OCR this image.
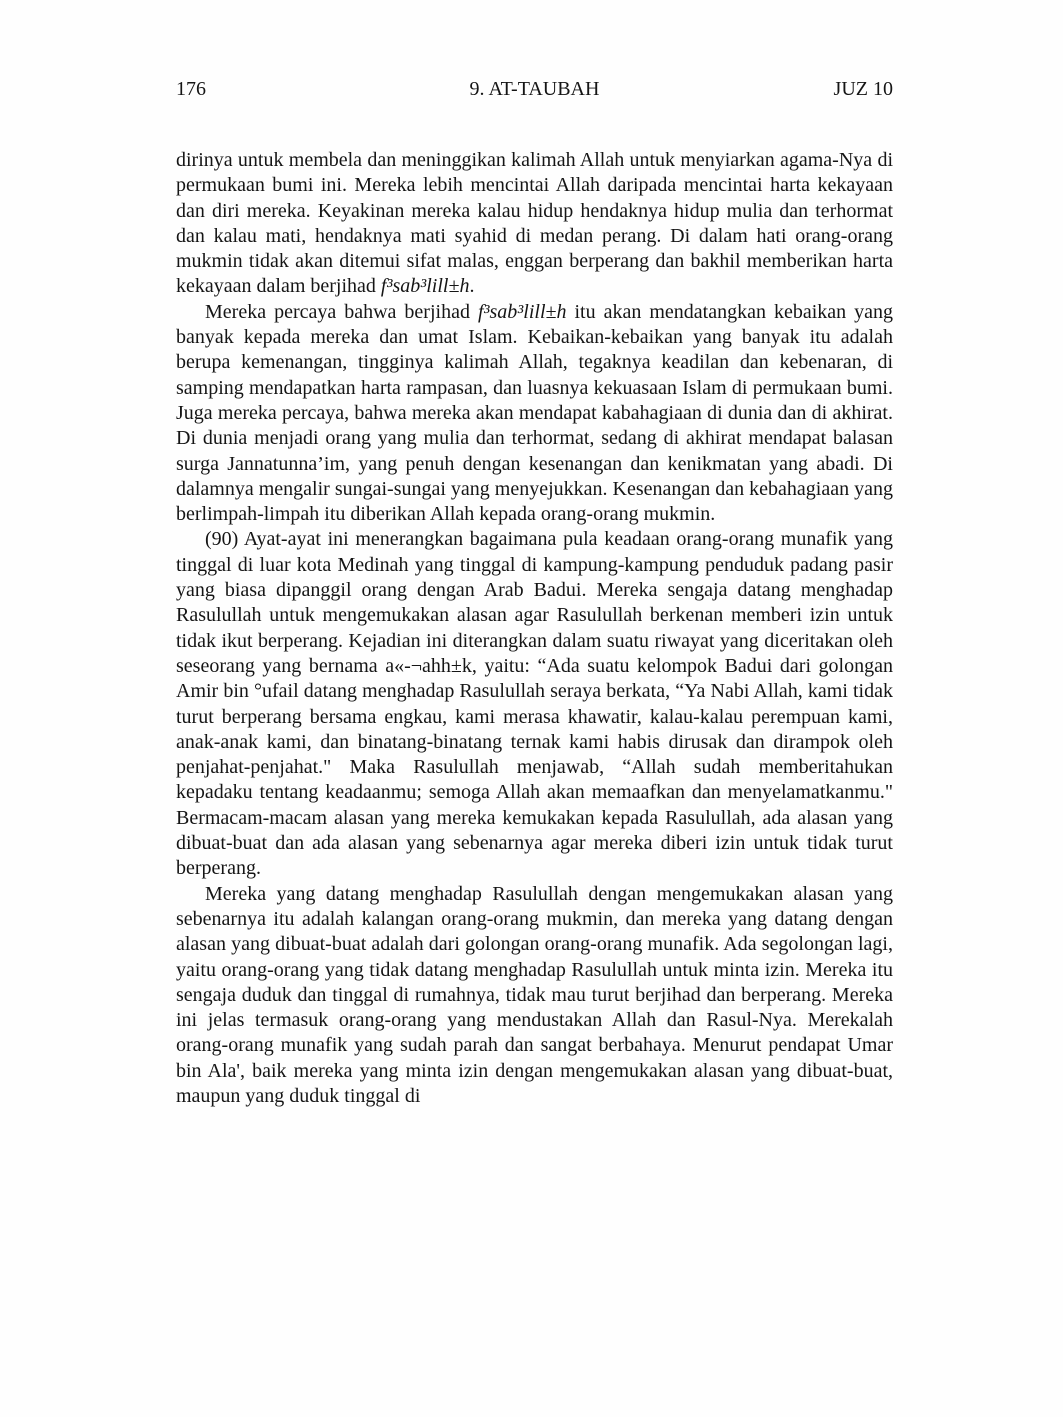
176	9. AT-TAUBAH	JUZ 10

dirinya untuk membela dan meninggikan kalimah Allah untuk menyiarkan agama-Nya di permukaan bumi ini. Mereka lebih mencintai Allah daripada mencintai harta kekayaan dan diri mereka. Keyakinan mereka kalau hidup hendaknya hidup mulia dan terhormat dan kalau mati, hendaknya mati syahid di medan perang. Di dalam hati orang-orang mukmin tidak akan ditemui sifat malas, enggan berperang dan bakhil memberikan harta kekayaan dalam berjihad f³sab³lill±h.

Mereka percaya bahwa berjihad f³sab³lill±h itu akan mendatangkan kebaikan yang banyak kepada mereka dan umat Islam. Kebaikan-kebaikan yang banyak itu adalah berupa kemenangan, tingginya kalimah Allah, tegaknya keadilan dan kebenaran, di samping mendapatkan harta rampasan, dan luasnya kekuasaan Islam di permukaan bumi. Juga mereka percaya, bahwa mereka akan mendapat kabahagiaan di dunia dan di akhirat. Di dunia menjadi orang yang mulia dan terhormat, sedang di akhirat mendapat balasan surga Jannatunna’im, yang penuh dengan kesenangan dan kenikmatan yang abadi. Di dalamnya mengalir sungai-sungai yang menyejukkan. Kesenangan dan kebahagiaan yang berlimpah-limpah itu diberikan Allah kepada orang-orang mukmin.

(90) Ayat-ayat ini menerangkan bagaimana pula keadaan orang-orang munafik yang tinggal di luar kota Medinah yang tinggal di kampung-kampung penduduk padang pasir yang biasa dipanggil orang dengan Arab Badui. Mereka sengaja datang menghadap Rasulullah untuk mengemukakan alasan agar Rasulullah berkenan memberi izin untuk tidak ikut berperang. Kejadian ini diterangkan dalam suatu riwayat yang diceritakan oleh seseorang yang bernama a«-¬ahh±k, yaitu: “Ada suatu kelompok Badui dari golongan Amir bin °ufail datang menghadap Rasulullah seraya berkata, “Ya Nabi Allah, kami tidak turut berperang bersama engkau, kami merasa khawatir, kalau-kalau perempuan kami, anak-anak kami, dan binatang-binatang ternak kami habis dirusak dan dirampok oleh penjahat-penjahat." Maka Rasulullah menjawab, “Allah sudah memberitahukan kepadaku tentang keadaanmu; semoga Allah akan memaafkan dan menyelamatkanmu." Bermacam-macam alasan yang mereka kemukakan kepada Rasulullah, ada alasan yang dibuat-buat dan ada alasan yang sebenarnya agar mereka diberi izin untuk tidak turut berperang.

Mereka yang datang menghadap Rasulullah dengan mengemukakan alasan yang sebenarnya itu adalah kalangan orang-orang mukmin, dan mereka yang datang dengan alasan yang dibuat-buat adalah dari golongan orang-orang munafik. Ada segolongan lagi, yaitu orang-orang yang tidak datang menghadap Rasulullah untuk minta izin. Mereka itu sengaja duduk dan tinggal di rumahnya, tidak mau turut berjihad dan berperang. Mereka ini jelas termasuk orang-orang yang mendustakan Allah dan Rasul-Nya. Merekalah orang-orang munafik yang sudah parah dan sangat berbahaya. Menurut pendapat Umar bin Ala', baik mereka yang minta izin dengan mengemukakan alasan yang dibuat-buat, maupun yang duduk tinggal di
